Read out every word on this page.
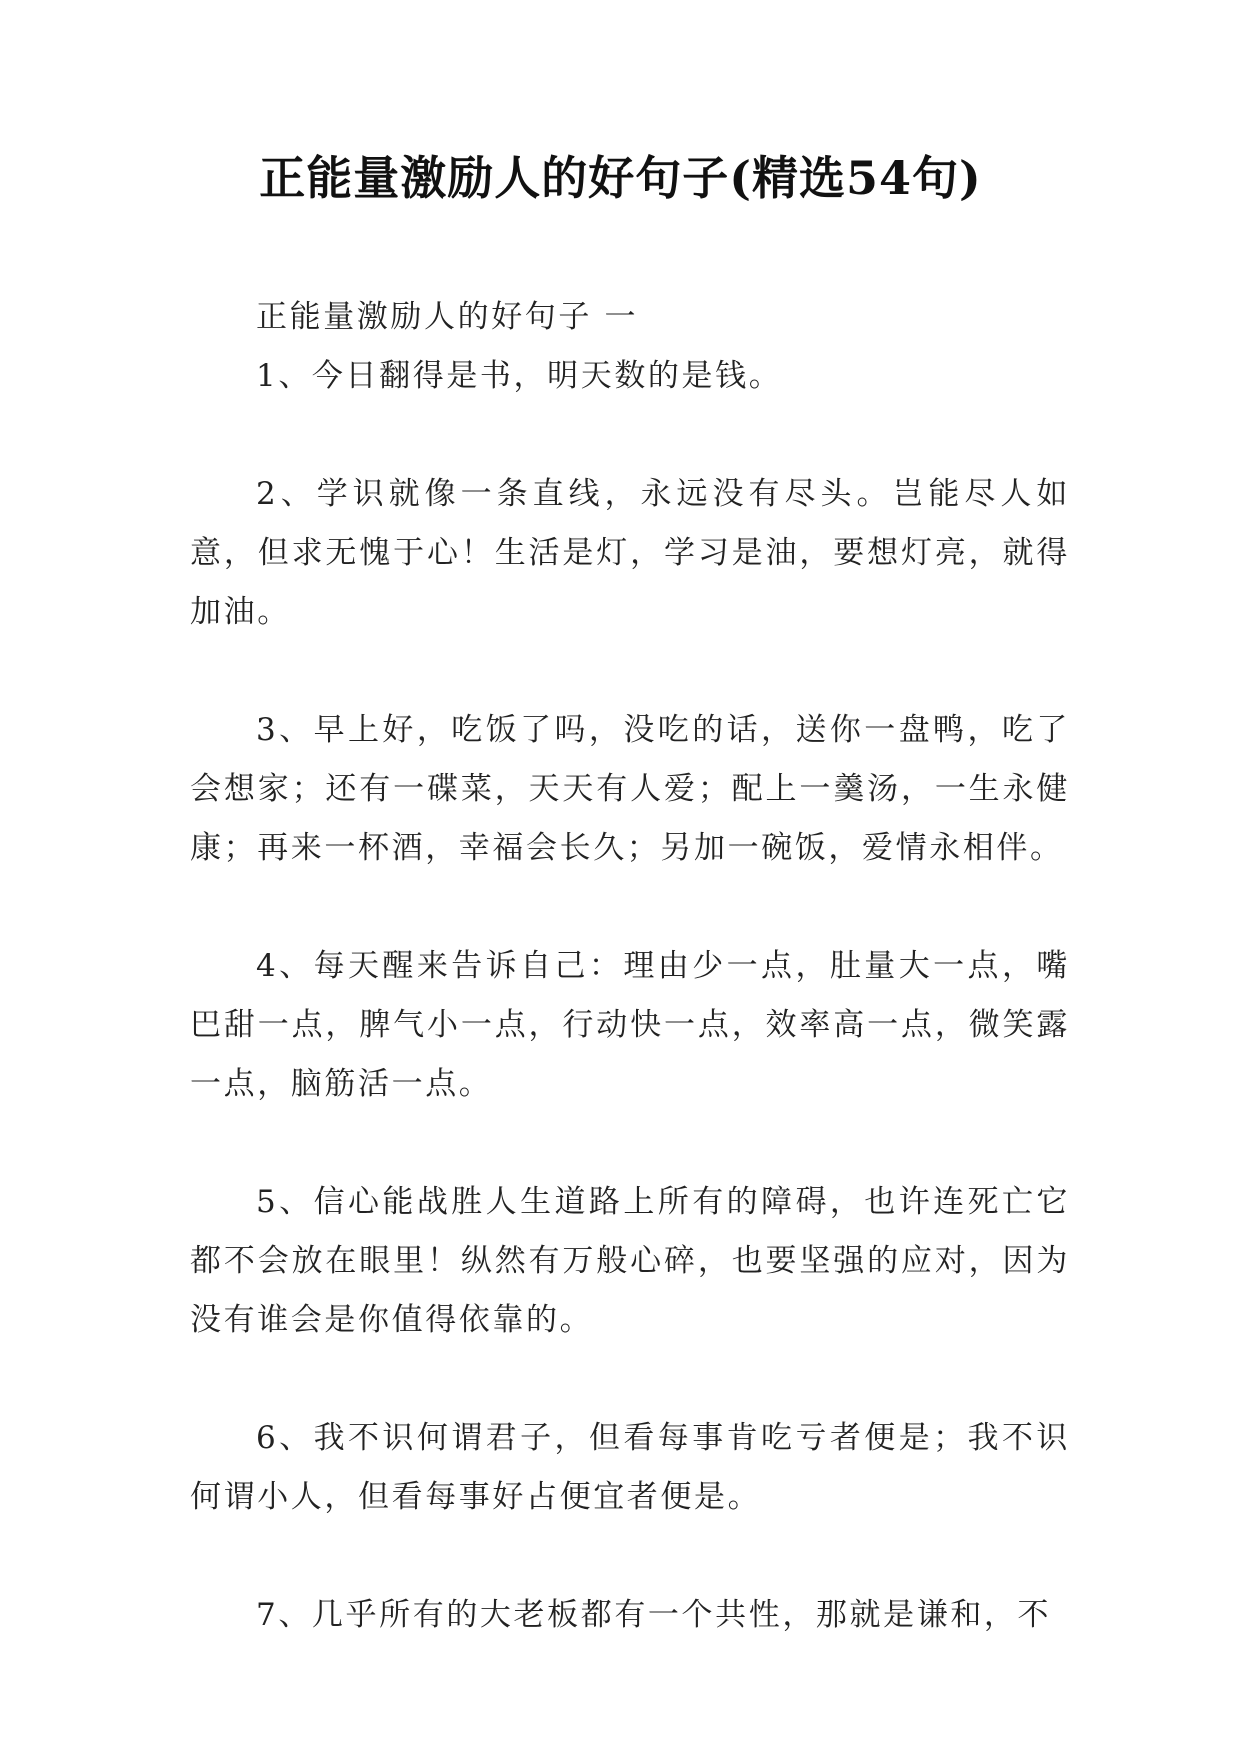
正能量激励人的好句子(精选54句)

正能量激励人的好句子 一

1、今日翻得是书，明天数的是钱。

2、学识就像一条直线，永远没有尽头。岂能尽人如意，但求无愧于心！生活是灯，学习是油，要想灯亮，就得加油。

3、早上好，吃饭了吗，没吃的话，送你一盘鸭，吃了会想家；还有一碟菜，天天有人爱；配上一羹汤，一生永健康；再来一杯酒，幸福会长久；另加一碗饭，爱情永相伴。

4、每天醒来告诉自己：理由少一点，肚量大一点，嘴巴甜一点，脾气小一点，行动快一点，效率高一点，微笑露一点，脑筋活一点。

5、信心能战胜人生道路上所有的障碍，也许连死亡它都不会放在眼里！纵然有万般心碎，也要坚强的应对，因为没有谁会是你值得依靠的。

6、我不识何谓君子，但看每事肯吃亏者便是；我不识何谓小人，但看每事好占便宜者便是。

7、几乎所有的大老板都有一个共性，那就是谦和，不
